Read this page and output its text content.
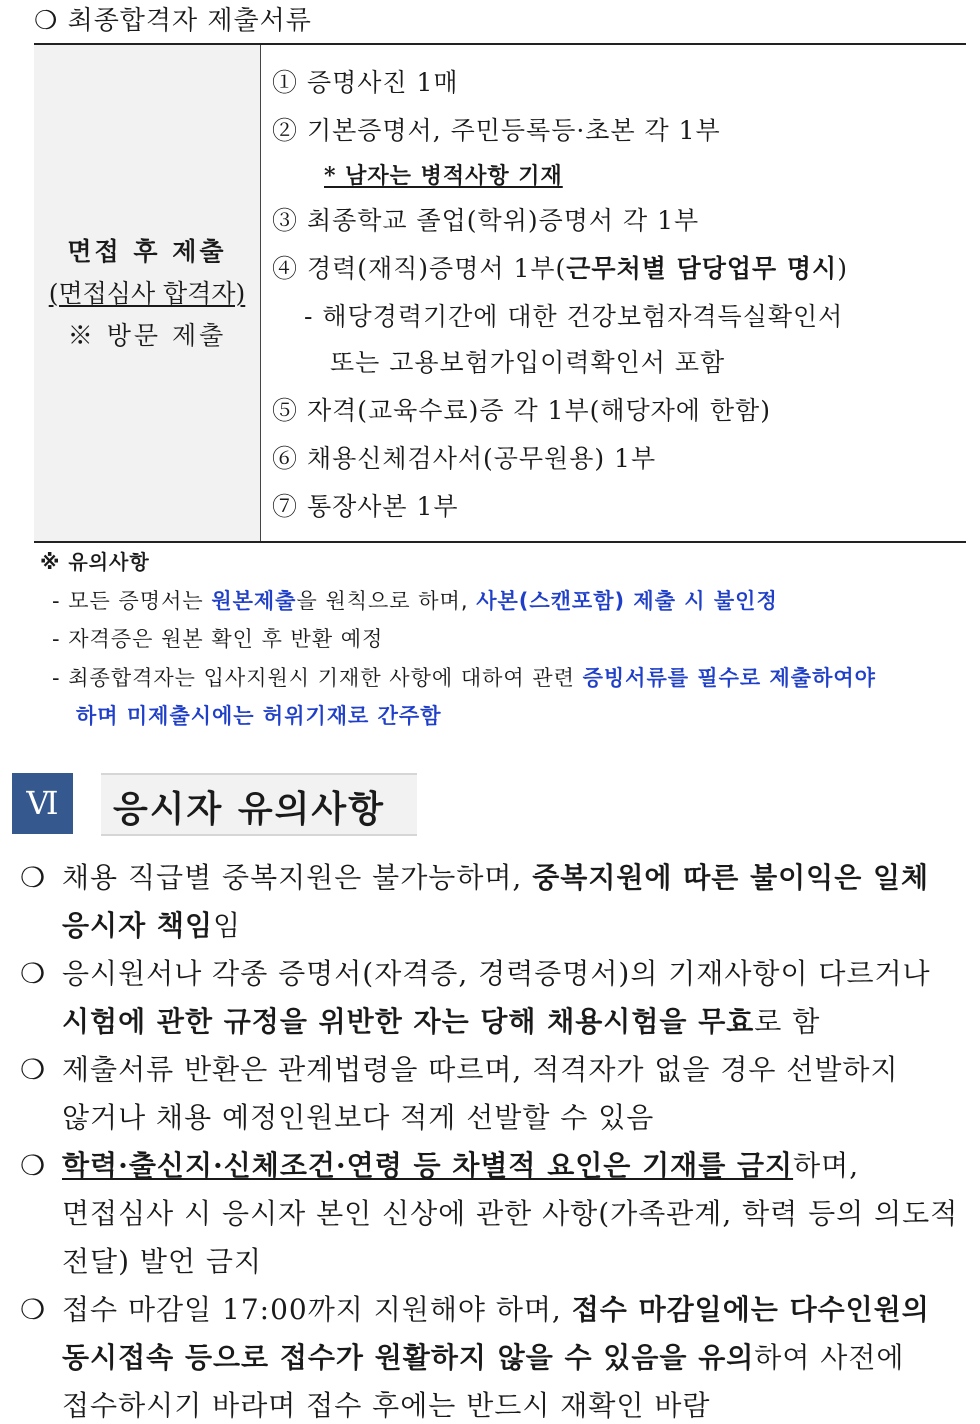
❍ 최종합격자 제출서류
면접 후 제출
(면접심사 합격자)
※ 방문 제출
① 증명사진 1매
② 기본증명서, 주민등록등·초본 각 1부
* 남자는 병적사항 기재
③ 최종학교 졸업(학위)증명서 각 1부
④ 경력(재직)증명서 1부(근무처별 담당업무 명시)
- 해당경력기간에 대한 건강보험자격득실확인서
또는 고용보험가입이력확인서 포함
⑤ 자격(교육수료)증 각 1부(해당자에 한함)
⑥ 채용신체검사서(공무원용) 1부
⑦ 통장사본 1부
※ 유의사항
- 모든 증명서는 원본제출을 원칙으로 하며, 사본(스캔포함) 제출 시 불인정
- 자격증은 원본 확인 후 반환 예정
- 최종합격자는 입사지원시 기재한 사항에 대하여 관련 증빙서류를 필수로 제출하여야
하며 미제출시에는 허위기재로 간주함
Ⅵ	응시자 유의사항
❍ 채용 직급별 중복지원은 불가능하며, 중복지원에 따른 불이익은 일체
응시자 책임임
❍ 응시원서나 각종 증명서(자격증, 경력증명서)의 기재사항이 다르거나
시험에 관한 규정을 위반한 자는 당해 채용시험을 무효로 함
❍ 제출서류 반환은 관계법령을 따르며, 적격자가 없을 경우 선발하지
않거나 채용 예정인원보다 적게 선발할 수 있음
❍ 학력·출신지·신체조건·연령 등 차별적 요인은 기재를 금지하며,
면접심사 시 응시자 본인 신상에 관한 사항(가족관계, 학력 등의 의도적
전달) 발언 금지
❍ 접수 마감일 17:00까지 지원해야 하며, 접수 마감일에는 다수인원의
동시접속 등으로 접수가 원활하지 않을 수 있음을 유의하여 사전에
접수하시기 바라며 접수 후에는 반드시 재확인 바람
